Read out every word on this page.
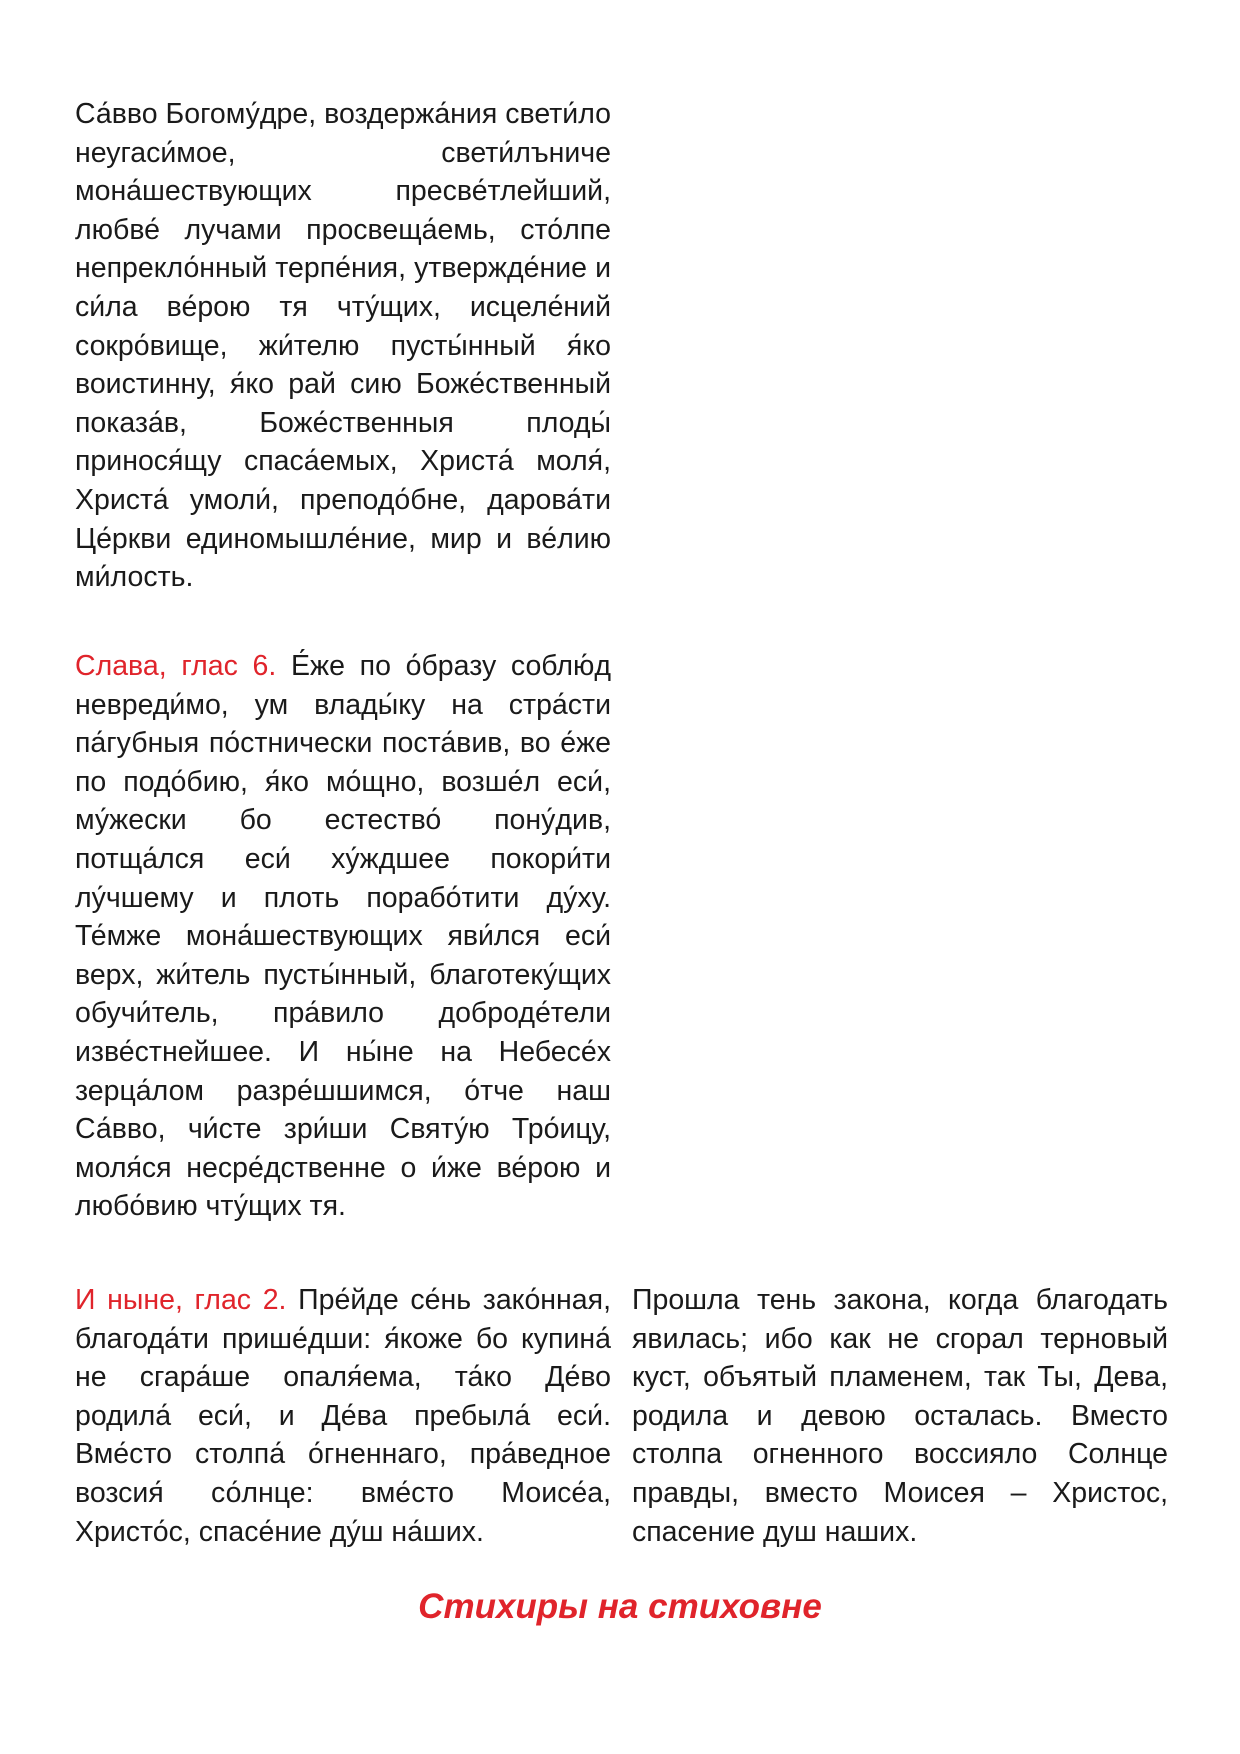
Са́вво Богому́дре, воздержа́ния свети́ло неугаси́мое, свети́лъниче мона́шествующих пресве́тлейший, любве́ лучами просвеща́емь, сто́лпе непрекло́нный терпе́ния, утвержде́ние и си́ла ве́рою тя чту́щих, исцеле́ний сокро́вище, жи́телю пусты́нный я́ко воистинну, я́ко рай сию Боже́ственный показа́в, Боже́ственныя плоды́ принося́щу спаса́емых, Христа́ моля́, Христа́ умоли́, преподо́бне, дарова́ти Це́ркви единомышле́ние, мир и ве́лию ми́лость.

Слава, глас 6. Е́же по о́бразу соблю́д невреди́мо, ум влады́ку на стра́сти па́губныя по́стнически поста́вив, во е́же по подо́бию, я́ко мо́щно, возше́л еси́, му́жески бо естество́ пону́див, потща́лся еси́ ху́ждшее покори́ти лу́чшему и плоть порабо́тити ду́ху. Те́мже мона́шествующих яви́лся еси́ верх, жи́тель пусты́нный, благотеку́щих обучи́тель, пра́вило доброде́тели изве́стнейшее. И ны́не на Небесе́х зерца́лом разре́шшимся, о́тче наш Са́вво, чи́сте зри́ши Святу́ю Тро́ицу, моля́ся несре́дственне о и́же ве́рою и любо́вию чту́щих тя.

И ныне, глас 2. Пре́йде се́нь зако́нная, благода́ти прише́дши: я́коже бо купина́ не сгара́ше опаля́ема, та́ко Де́во родила́ еси́, и Де́ва пребыла́ еси́. Вме́сто столпа́ о́гненнаго, пра́ведное возсия́ со́лнце: вме́сто Моисе́а, Христо́с, спасе́ние ду́ш на́ших.

Прошла тень закона, когда благодать явилась; ибо как не сгорал терновый куст, объятый пламенем, так Ты, Дева, родила и девою осталась. Вместо столпа огненного воссияло Солнце правды, вместо Моисея – Христос, спасение душ наших.

Стихиры на стиховне
